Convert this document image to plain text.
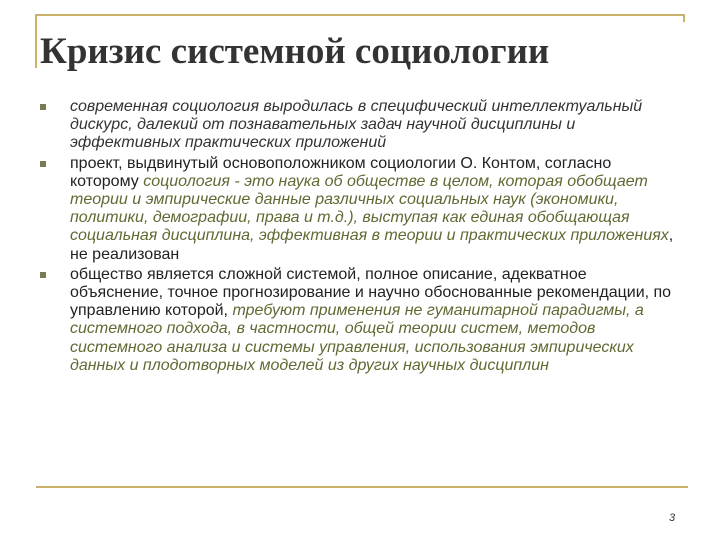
Кризис системной социологии
современная социология выродилась в специфический интеллектуальный дискурс, далекий от познавательных задач научной дисциплины и эффективных практических приложений
проект, выдвинутый основоположником социологии О. Контом, согласно которому социология - это наука об обществе в целом, которая обобщает теории и эмпирические данные различных социальных наук (экономики, политики, демографии, права и т.д.), выступая как единая обобщающая социальная дисциплина, эффективная в теории и практических приложениях, не реализован
общество является сложной системой, полное описание, адекватное объяснение, точное прогнозирование и научно обоснованные рекомендации, по управлению которой, требуют применения не гуманитарной парадигмы, а системного подхода, в частности, общей теории систем, методов системного анализа и системы управления, использования эмпирических данных и плодотворных моделей из других научных дисциплин
3
